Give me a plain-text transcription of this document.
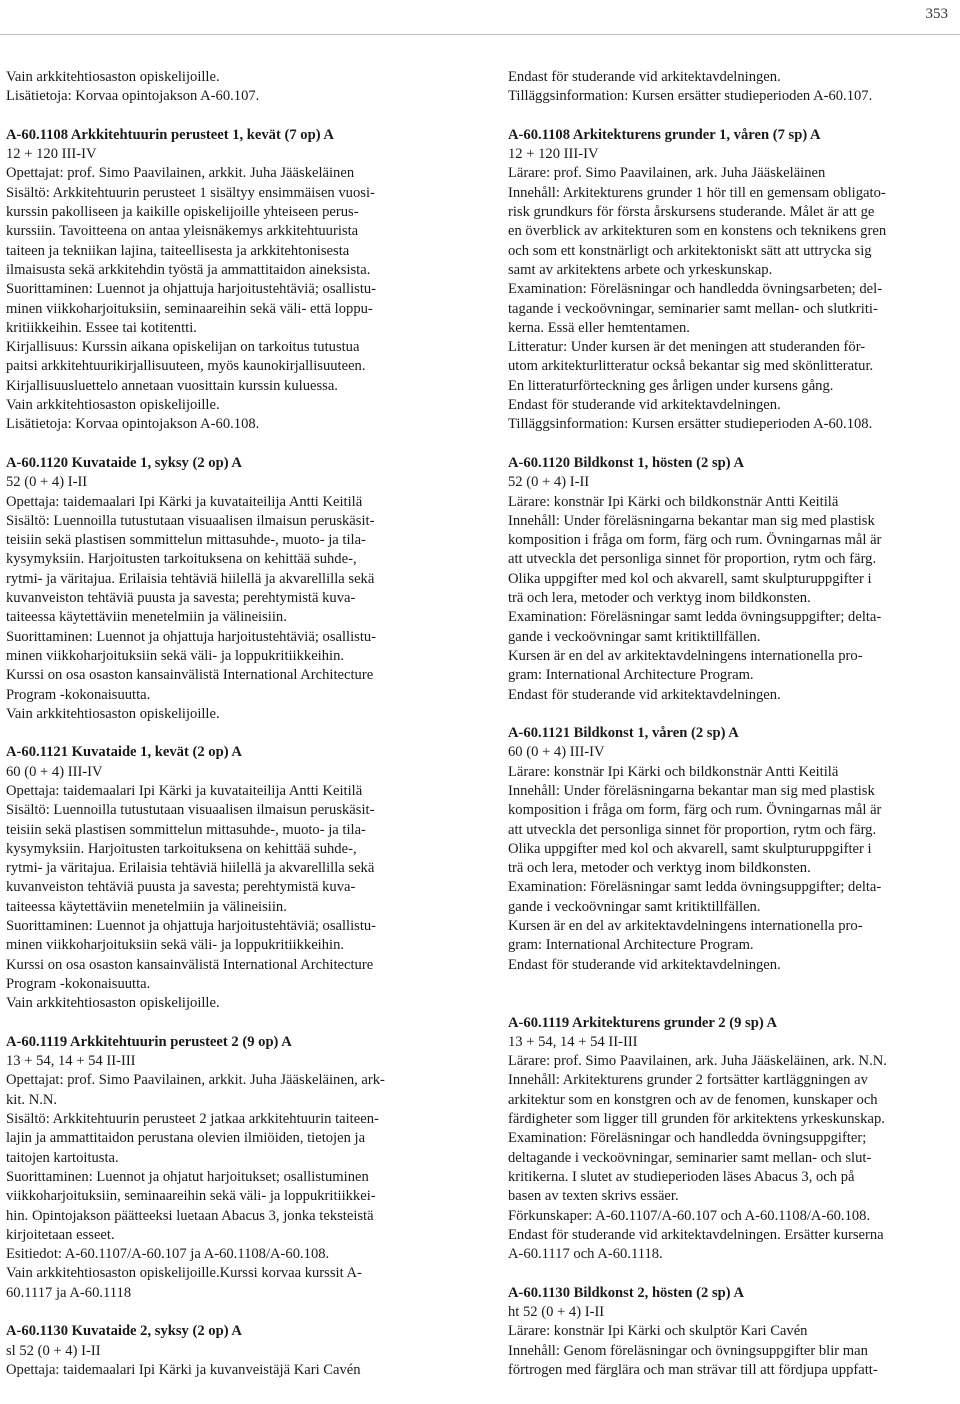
353
Vain arkkitehtiosaston opiskelijoille.
Lisätietoja: Korvaa opintojakson A-60.107.
A-60.1108 Arkkitehtuurin perusteet 1, kevät (7 op) A
12 + 120 III-IV
Opettajat: prof. Simo Paavilainen, arkkit. Juha Jääskeläinen
Sisältö: Arkkitehtuurin perusteet 1 sisältyy ensimmäisen vuosi-
kurssin pakolliseen ja kaikille opiskelijoille yhteiseen perus-
kurssiin. Tavoitteena on antaa yleisnäkemys arkkitehtuurista
taiteen ja tekniikan lajina, taiteellisesta ja arkkitehtonisesta
ilmaisusta sekä arkkitehdin työstä ja ammattitaidon aineksista.
Suorittaminen: Luennot ja ohjattuja harjoitustehtäviä; osallistu-
minen viikkoharjoituksiin, seminaareihin sekä väli- että loppu-
kritiikkeihin. Essee tai kotitentti.
Kirjallisuus: Kurssin aikana opiskelijan on tarkoitus tutustua
paitsi arkkitehtuurikirjallisuuteen, myös kaunokirjallisuuteen.
Kirjallisuusluettelo annetaan vuosittain kurssin kuluessa.
Vain arkkitehtiosaston opiskelijoille.
Lisätietoja: Korvaa opintojakson A-60.108.
A-60.1120 Kuvataide 1, syksy (2 op) A
52 (0 + 4) I-II
Opettaja: taidemaalari Ipi Kärki ja kuvataiteilija Antti Keitilä
Sisältö: Luennoilla tutustutaan visuaalisen ilmaisun peruskäsit-
teisiin sekä plastisen sommittelun mittasuhde-, muoto- ja tila-
kysymyksiin. Harjoitusten tarkoituksena on kehittää suhde-,
rytmi- ja väritajua. Erilaisia tehtäviä hiilellä ja akvarellilla sekä
kuvanveiston tehtäviä puusta ja savesta; perehtymistä kuva-
taiteessa käytettäviin menetelmiin ja välineisiin.
Suorittaminen: Luennot ja ohjattuja harjoitustehtäviä; osallistu-
minen viikkoharjoituksiin sekä väli- ja loppukritiikkeihin.
Kurssi on osa osaston kansainvälistä International Architecture
Program -kokonaisuutta.
Vain arkkitehtiosaston opiskelijoille.
A-60.1121 Kuvataide 1, kevät (2 op) A
60 (0 + 4) III-IV
Opettaja: taidemaalari Ipi Kärki ja kuvataiteilija Antti Keitilä
Sisältö: Luennoilla tutustutaan visuaalisen ilmaisun peruskäsit-
teisiin sekä plastisen sommittelun mittasuhde-, muoto- ja tila-
kysymyksiin. Harjoitusten tarkoituksena on kehittää suhde-,
rytmi- ja väritajua. Erilaisia tehtäviä hiilellä ja akvarellilla sekä
kuvanveiston tehtäviä puusta ja savesta; perehtymistä kuva-
taiteessa käytettäviin menetelmiin ja välineisiin.
Suorittaminen: Luennot ja ohjattuja harjoitustehtäviä; osallistu-
minen viikkoharjoituksiin sekä väli- ja loppukritiikkeihin.
Kurssi on osa osaston kansainvälistä International Architecture
Program -kokonaisuutta.
Vain arkkitehtiosaston opiskelijoille.
A-60.1119 Arkkitehtuurin perusteet 2 (9 op) A
13 + 54, 14 + 54 II-III
Opettajat: prof. Simo Paavilainen, arkkit. Juha Jääskeläinen, ark-
kit. N.N.
Sisältö: Arkkitehtuurin perusteet 2 jatkaa arkkitehtuurin taiteen-
lajin ja ammattitaidon perustana olevien ilmiöiden, tietojen ja
taitojen kartoitusta.
Suorittaminen: Luennot ja ohjatut harjoitukset; osallistuminen
viikkoharjoituksiin, seminaareihin sekä väli- ja loppukritiikkei-
hin. Opintojakson päätteeksi luetaan Abacus 3, jonka teksteistä
kirjoitetaan esseet.
Esitiedot: A-60.1107/A-60.107 ja A-60.1108/A-60.108.
Vain arkkitehtiosaston opiskelijoille.Kurssi korvaa kurssit A-
60.1117 ja A-60.1118
A-60.1130 Kuvataide 2, syksy (2 op) A
sl 52 (0 + 4) I-II
Opettaja: taidemaalari Ipi Kärki ja kuvanveistäjä Kari Cavén
Endast för studerande vid arkitektavdelningen.
Tilläggsinformation: Kursen ersätter studieperioden A-60.107.
A-60.1108 Arkitekturens grunder 1, våren (7 sp) A
12 + 120 III-IV
Lärare: prof. Simo Paavilainen, ark. Juha Jääskeläinen
Innehåll: Arkitekturens grunder 1 hör till en gemensam obligato-
risk grundkurs för första årskursens studerande. Målet är att ge
en överblick av arkitekturen som en konstens och teknikens gren
och som ett konstnärligt och arkitektoniskt sätt att uttrycka sig
samt av arkitektens arbete och yrkeskunskap.
Examination: Föreläsningar och handledda övningsarbeten; del-
tagande i veckoövningar, seminarier samt mellan- och slutkriti-
kerna. Essä eller hemtentamen.
Litteratur: Under kursen är det meningen att studeranden för-
utom arkitekturlitteratur också bekantar sig med skönlitteratur.
En litteraturförteckning ges årligen under kursens gång.
Endast för studerande vid arkitektavdelningen.
Tilläggsinformation: Kursen ersätter studieperioden A-60.108.
A-60.1120 Bildkonst 1, hösten (2 sp) A
52 (0 + 4) I-II
Lärare: konstnär Ipi Kärki och bildkonstnär Antti Keitilä
Innehåll: Under föreläsningarna bekantar man sig med plastisk
komposition i fråga om form, färg och rum. Övningarnas mål är
att utveckla det personliga sinnet för proportion, rytm och färg.
Olika uppgifter med kol och akvarell, samt skulpturuppgifter i
trä och lera, metoder och verktyg inom bildkonsten.
Examination: Föreläsningar samt ledda övningsuppgifter; delta-
gande i veckoövningar samt kritiktillfällen.
Kursen är en del av arkitektavdelningens internationella pro-
gram: International Architecture Program.
Endast för studerande vid arkitektavdelningen.
A-60.1121 Bildkonst 1, våren (2 sp) A
60 (0 + 4) III-IV
Lärare: konstnär Ipi Kärki och bildkonstnär Antti Keitilä
Innehåll: Under föreläsningarna bekantar man sig med plastisk
komposition i fråga om form, färg och rum. Övningarnas mål är
att utveckla det personliga sinnet för proportion, rytm och färg.
Olika uppgifter med kol och akvarell, samt skulpturuppgifter i
trä och lera, metoder och verktyg inom bildkonsten.
Examination: Föreläsningar samt ledda övningsuppgifter; delta-
gande i veckoövningar samt kritiktillfällen.
Kursen är en del av arkitektavdelningens internationella pro-
gram: International Architecture Program.
Endast för studerande vid arkitektavdelningen.
A-60.1119 Arkitekturens grunder 2 (9 sp) A
13 + 54, 14 + 54 II-III
Lärare: prof. Simo Paavilainen, ark. Juha Jääskeläinen, ark. N.N.
Innehåll: Arkitekturens grunder 2 fortsätter kartläggningen av
arkitektur som en konstgren och av de fenomen, kunskaper och
färdigheter som ligger till grunden för arkitektens yrkeskunskap.
Examination: Föreläsningar och handledda övningsuppgifter;
deltagande i veckoövningar, seminarier samt mellan- och slut-
kritikerna. I slutet av studieperioden läses Abacus 3, och på
basen av texten skrivs essäer.
Förkunskaper: A-60.1107/A-60.107 och A-60.1108/A-60.108.
Endast för studerande vid arkitektavdelningen. Ersätter kurserna
A-60.1117 och A-60.1118.
A-60.1130 Bildkonst 2, hösten (2 sp) A
ht 52 (0 + 4) I-II
Lärare: konstnär Ipi Kärki och skulptör Kari Cavén
Innehåll: Genom föreläsningar och övningsuppgifter blir man
förtrogen med färglära och man strävar till att fördjupa uppfatt-
